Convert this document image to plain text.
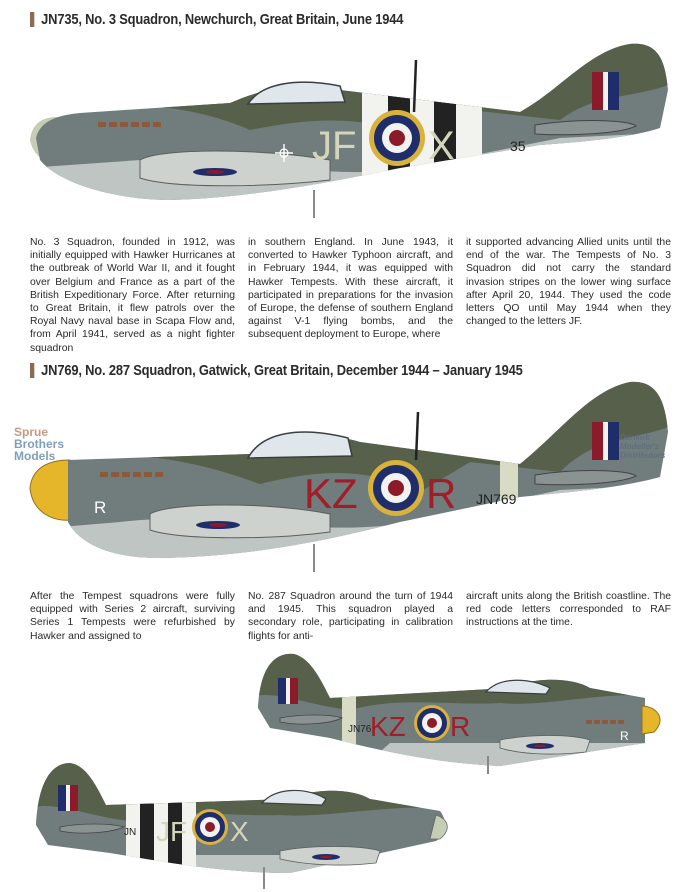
JN735, No. 3 Squadron, Newchurch, Great Britain, June 1944
JF X	35

No. 3 Squadron, founded in 1912, was initially equipped with Hawker Hurricanes at the outbreak of World War II, and it fought over Belgium and France as a part of the British Expeditionary Force. After returning to Great Britain, it flew patrols over the Royal Navy naval base in Scapa Flow and, from April 1941, served as a night fighter squadron

in southern England. In June 1943, it converted to Hawker Typhoon aircraft, and in February 1944, it was equipped with Hawker Tempests. With these aircraft, it participated in preparations for the invasion of Europe, the defense of southern England against V-1 flying bombs, and the subsequent deployment to Europe, where

it supported advancing Allied units until the end of the war. The Tempests of No. 3 Squadron did not carry the standard invasion stripes on the lower wing surface after April 20, 1944. They used the code letters QO until May 1944 when they changed to the letters JF.

JN769, No. 287 Squadron, Gatwick, Great Britain, December 1944 – January 1945
R	KZ R JN769
Sprue
Brothers
Models
Dunkirk
Modeller's
Distributors

After the Tempest squadrons were fully equipped with Series 2 aircraft, surviving Series 1 Tempests were refurbished by Hawker and assigned to

No. 287 Squadron around the turn of 1944 and 1945. This squadron played a secondary role, participating in calibration flights for anti-

aircraft units along the British coastline. The red code letters corresponded to RAF instructions at the time.

KZ R
JN76	R
JF X
JN
